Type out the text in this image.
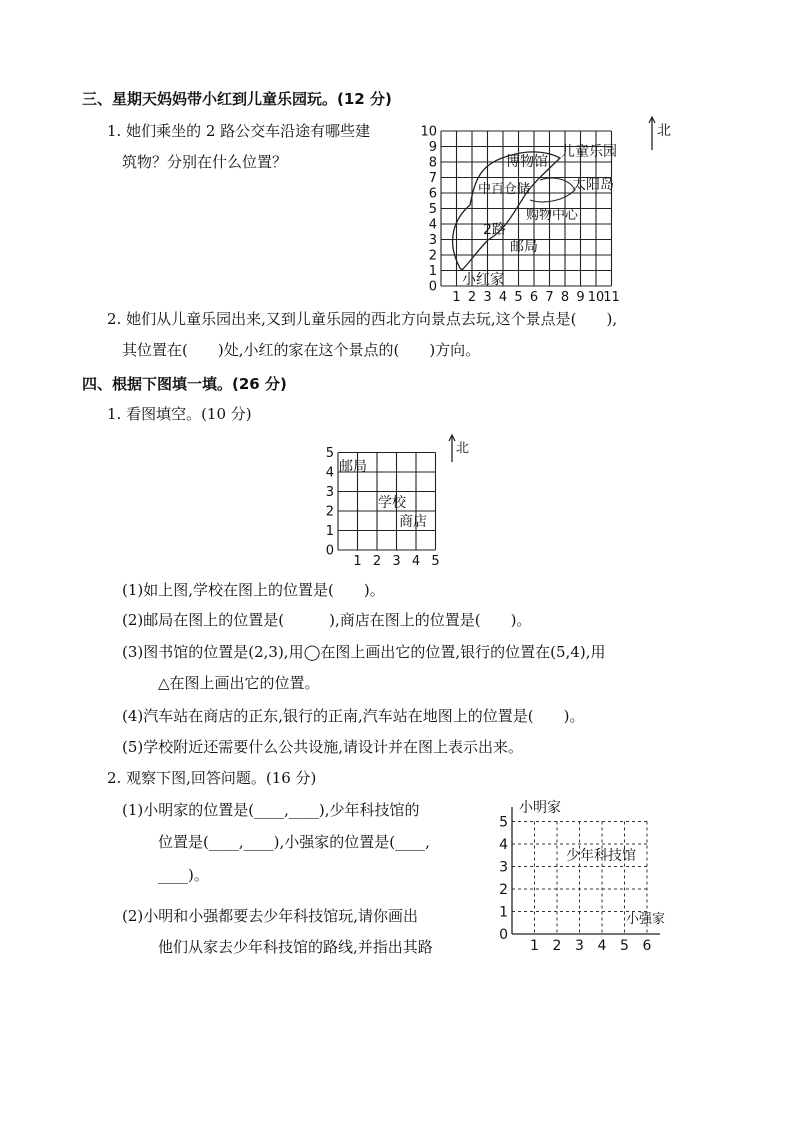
三、星期天妈妈带小红到儿童乐园玩。(12 分)
1. 她们乘坐的 2 路公交车沿途有哪些建
筑物？分别在什么位置？
北
博物馆
儿童乐园
中百仓储	太阳岛
购物中心
2路
邮局
小红家
1 2 3 4 5 6 7 8 9 10
11
0
1
2
3
4
5
6
7
8
9
10
2. 她们从儿童乐园出来,又到儿童乐园的西北方向景点去玩,这个景点是(　　),
其位置在(　　)处,小红的家在这个景点的(　　)方向。
四、根据下图填一填。(26 分)
1. 看图填空。(10 分)
北
邮局
学校
商店
1 2 3 4 5
0
1
2
3
4
5
(1)如上图,学校在图上的位置是(　　)。
(2)邮局在图上的位置是(　　　),商店在图上的位置是(　　)。
(3)图书馆的位置是(2,3),用◯在图上画出它的位置,银行的位置在(5,4),用
△在图上画出它的位置。
(4)汽车站在商店的正东,银行的正南,汽车站在地图上的位置是(　　)。
(5)学校附近还需要什么公共设施,请设计并在图上表示出来。
2. 观察下图,回答问题。(16 分)
(1)小明家的位置是(____,____),少年科技馆的
位置是(____,____),小强家的位置是(____,
____)。
(2)小明和小强都要去少年科技馆玩,请你画出
他们从家去少年科技馆的路线,并指出其路
小明家
少年科技馆
小强家
1 2 3 4 5 6
0
1
2
3
4
5
